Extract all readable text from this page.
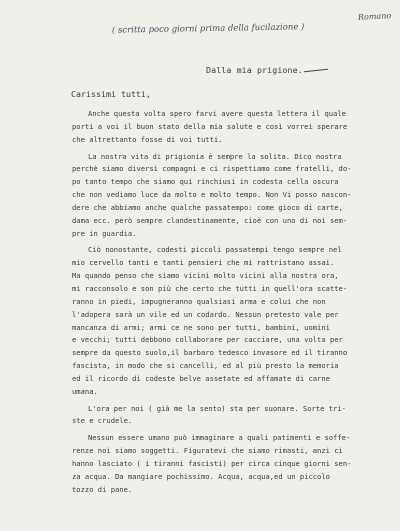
( scritta poco giorni prima della fucilazione )
Romano
Dalla mia prigione.
Carissimi tutti,
Anche questa volta spero farvi avere questa lettera il quale
porti a voi il buon stato della mia salute e così vorrei sperare
che altrettanto fosse di voi tutti.
La nostra vita di prigionia è sempre la solita. Dico nostra
perchè siamo diversi compagni e ci rispettiamo come fratelli, do-
po tanto tempo che siamo qui rinchiusi in codesta cella oscura
che non vediamo luce da molto e molto tempo. Non Vi posso nascon-
dere che abbiamo anche qualche passatempo: come gioco di carte,
dama ecc. però sempre clandestinamente, cioè con uno di noi sem-
pre in guardia.
Ciò nonostante, codesti piccoli passatempi tengo sempre nel
mio cervello tanti e tanti pensieri che mi rattristano assai.
Ma quando penso che siamo vicini molto vicini alla nostra ora,
mi racconsolo e son più che certo che tutti in quell'ora scatte-
ranno in piedi, impugneranno qualsiasi arma e colui che non
l'adopera sarà un vile ed un codardo. Nessun pretesto vale per
mancanza di armi; armi ce ne sono per tutti, bambini, uomini
e vecchi; tutti debbono collaborare per cacciare, una volta per
sempre da questo suolo,il barbaro tedesco invasore ed il tiranno
fascista, in modo che si cancelli, ed al più presto la memoria
ed il ricordo di codeste belve assetate ed affamate di carne
umana.
L'ora per noi ( già me la sento) sta per suonare. Sorte tri-
ste e crudele.
Nessun essere umano può immaginare a quali patimenti e soffe-
renze noi siamo soggetti. Figuratevi che siamo rimasti, anzi ci
hanno lasciato ( i tiranni fascisti) per circa cinque giorni sen-
za acqua. Da mangiare pochissimo. Acqua, acqua,ed un piccolo
tozzo di pane.
